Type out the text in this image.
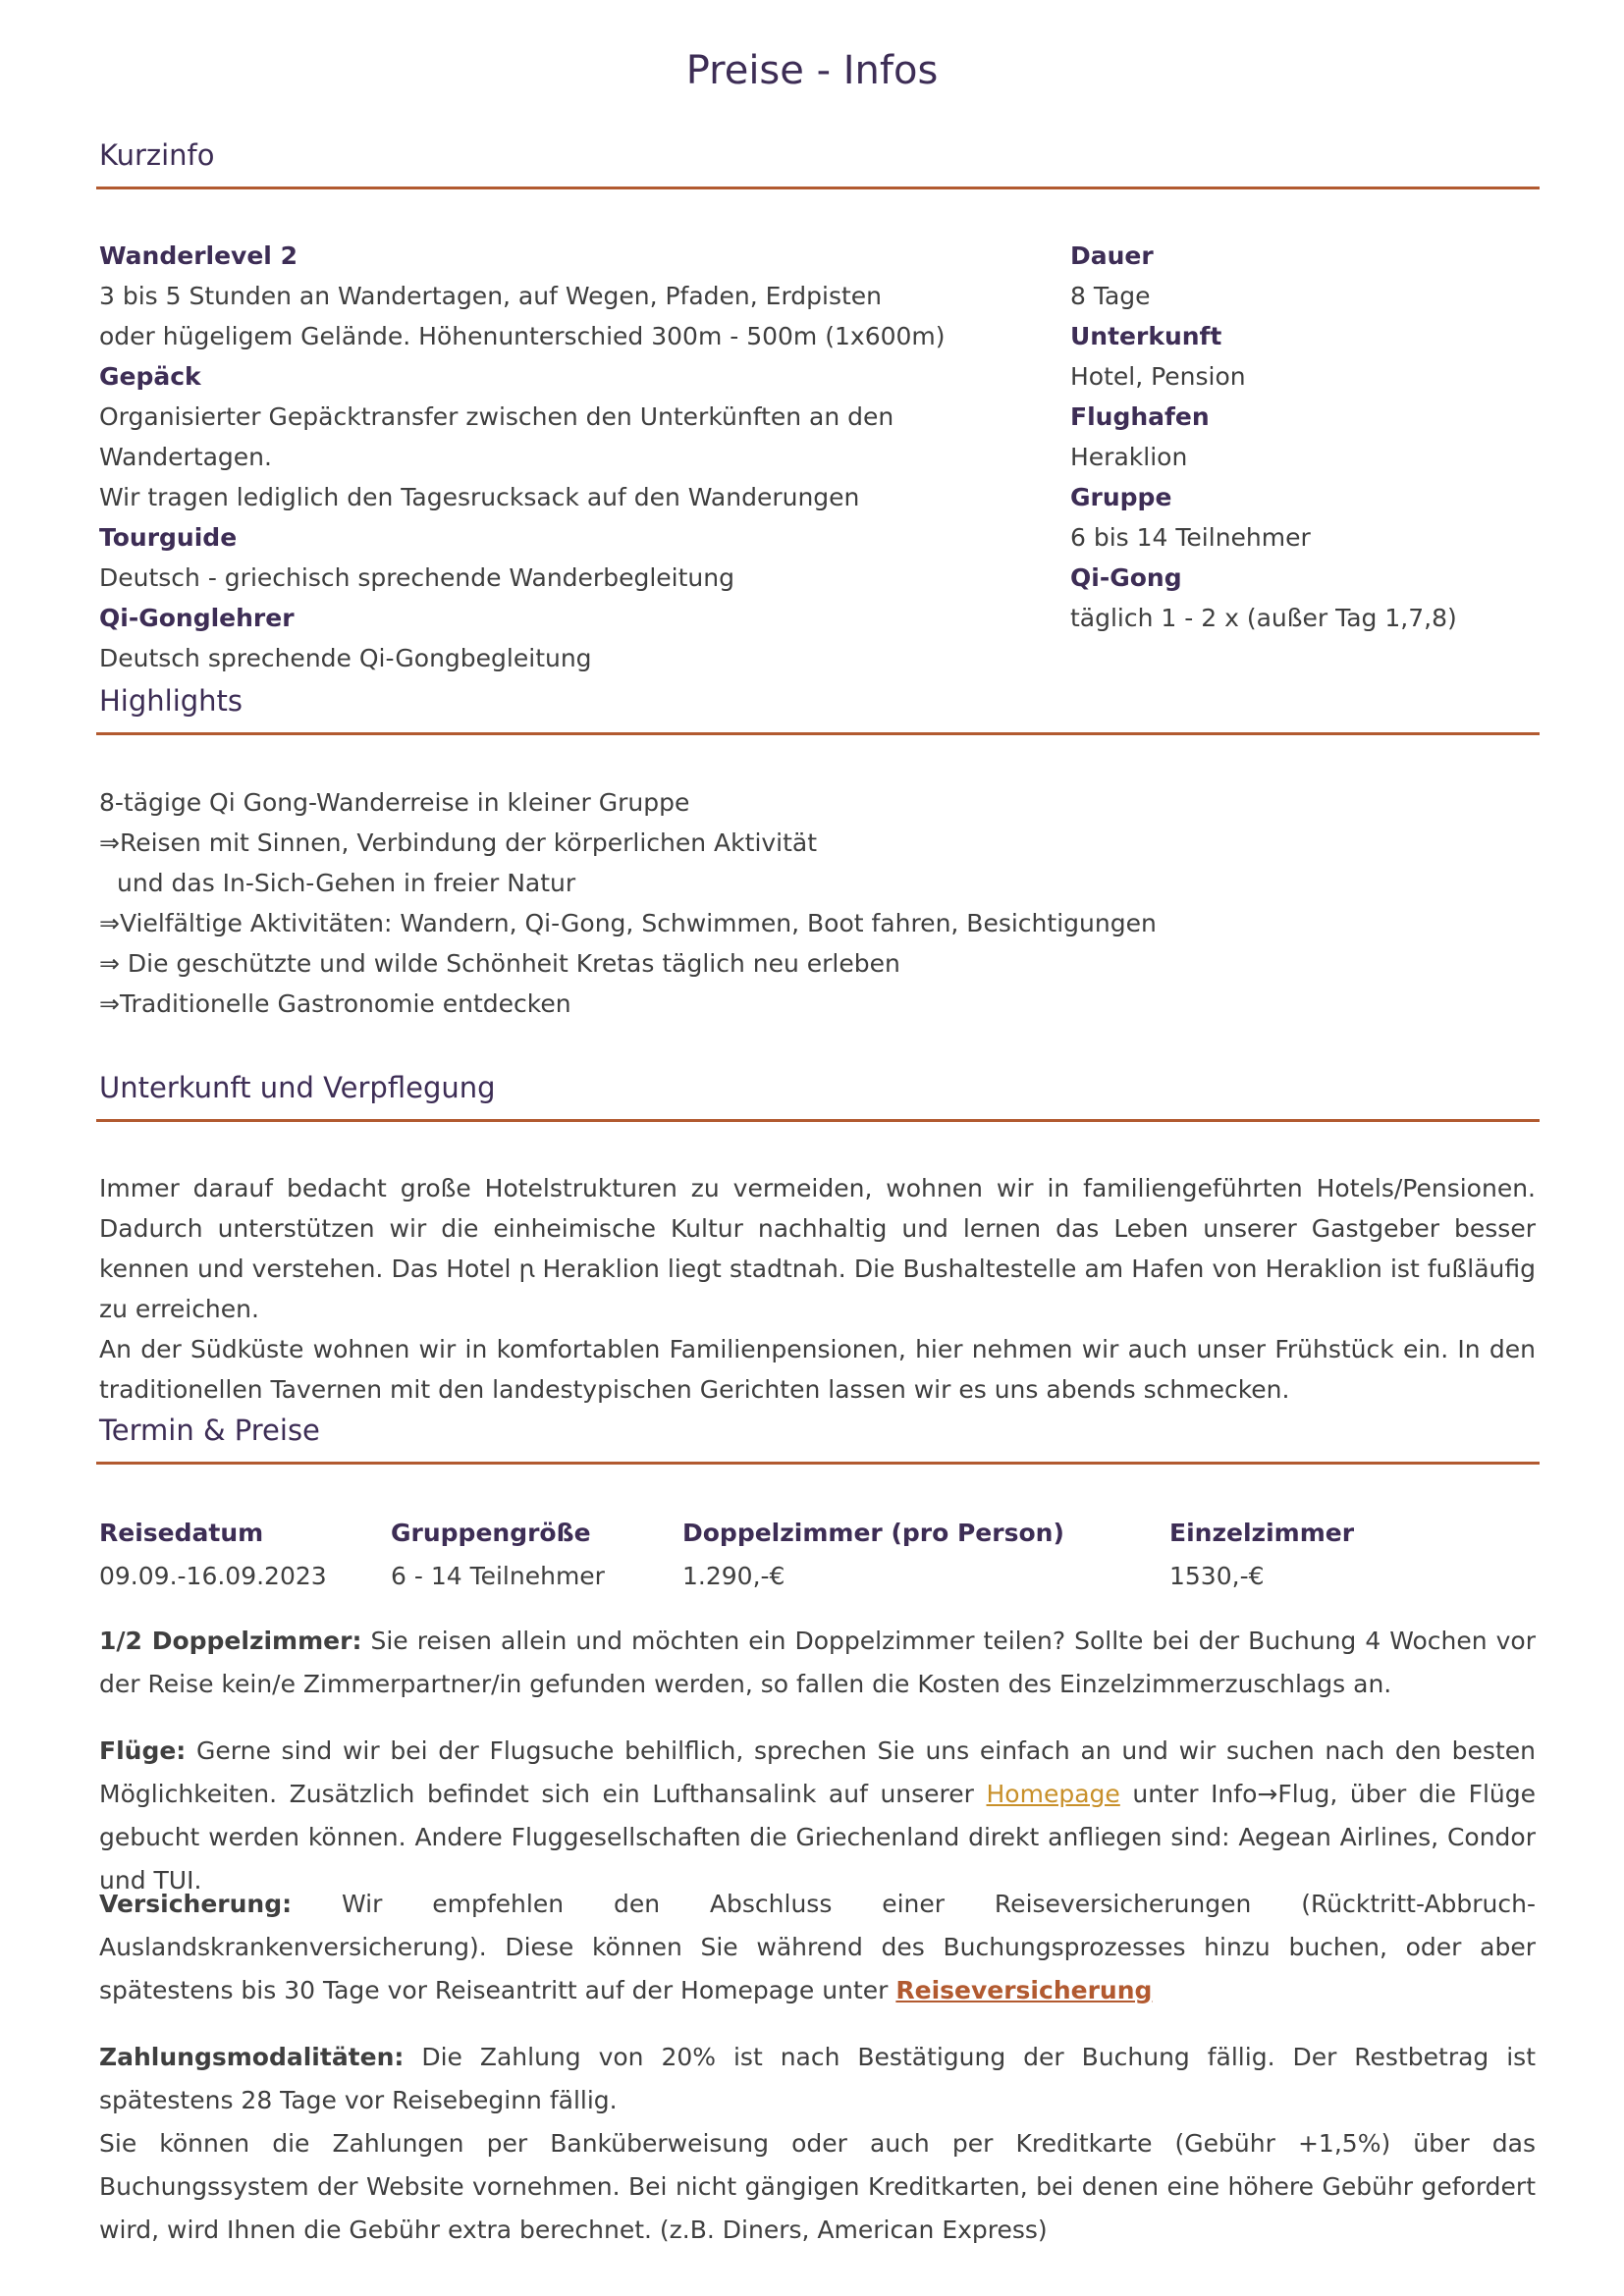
Preise - Infos
Kurzinfo
Wanderlevel 2
3 bis 5 Stunden an Wandertagen, auf Wegen, Pfaden, Erdpisten
oder hügeligem Gelände. Höhenunterschied 300m - 500m (1x600m)
Gepäck
Organisierter Gepäcktransfer zwischen den Unterkünften an den Wandertagen.
Wir tragen lediglich den Tagesrucksack auf den Wanderungen
Tourguide
Deutsch - griechisch sprechende Wanderbegleitung
Qi-Gonglehrer
Deutsch sprechende Qi-Gongbegleitung
Dauer
8 Tage
Unterkunft
Hotel, Pension
Flughafen
Heraklion
Gruppe
6 bis 14 Teilnehmer
Qi-Gong
täglich 1 - 2 x (außer Tag 1,7,8)
Highlights
8-tägige Qi Gong-Wanderreise in kleiner Gruppe
⇒Reisen mit Sinnen, Verbindung der körperlichen Aktivität
und das In-Sich-Gehen in freier Natur
⇒Vielfältige Aktivitäten: Wandern, Qi-Gong, Schwimmen, Boot fahren, Besichtigungen
⇒ Die geschützte und wilde Schönheit Kretas täglich neu erleben
⇒Traditionelle Gastronomie entdecken
Unterkunft und Verpflegung

Immer darauf bedacht große Hotelstrukturen zu vermeiden, wohnen wir in familiengeführten Hotels/Pensionen. Dadurch unterstützen wir die einheimische Kultur nachhaltig und lernen das Leben unserer Gastgeber besser kennen und verstehen. Das Hotel ꞃ Heraklion liegt stadtnah. Die Bushaltestelle am Hafen von Heraklion ist fußläufig zu erreichen.

An der Südküste wohnen wir in komfortablen Familienpensionen, hier nehmen wir auch unser Frühstück ein. In den traditionellen Tavernen mit den landestypischen Gerichten lassen wir es uns abends schmecken.

Termin & Preise
Reisedatum	Gruppengröße	Doppelzimmer (pro Person)	Einzelzimmer
09.09.-16.09.2023	6 - 14 Teilnehmer	1.290,-€	1530,-€

1/2 Doppelzimmer: Sie reisen allein und möchten ein Doppelzimmer teilen? Sollte bei der Buchung 4 Wochen vor der Reise kein/e Zimmerpartner/in gefunden werden, so fallen die Kosten des Einzelzimmerzuschlags an.

Flüge: Gerne sind wir bei der Flugsuche behilflich, sprechen Sie uns einfach an und wir suchen nach den besten Möglichkeiten. Zusätzlich befindet sich ein Lufthansalink auf unserer Homepage unter Info→Flug, über die Flüge gebucht werden können. Andere Fluggesellschaften die Griechenland direkt anfliegen sind: Aegean Airlines, Condor und TUI.

Versicherung: Wir empfehlen den Abschluss einer Reiseversicherungen (Rücktritt-Abbruch-Auslandskrankenversicherung). Diese können Sie während des Buchungsprozesses hinzu buchen, oder aber spätestens bis 30 Tage vor Reiseantritt auf der Homepage unter Reiseversicherung

Zahlungsmodalitäten: Die Zahlung von 20% ist nach Bestätigung der Buchung fällig. Der Restbetrag ist spätestens 28 Tage vor Reisebeginn fällig.

Sie können die Zahlungen per Banküberweisung oder auch per Kreditkarte (Gebühr +1,5%) über das Buchungssystem der Website vornehmen. Bei nicht gängigen Kreditkarten, bei denen eine höhere Gebühr gefordert wird, wird Ihnen die Gebühr extra berechnet. (z.B. Diners, American Express)
